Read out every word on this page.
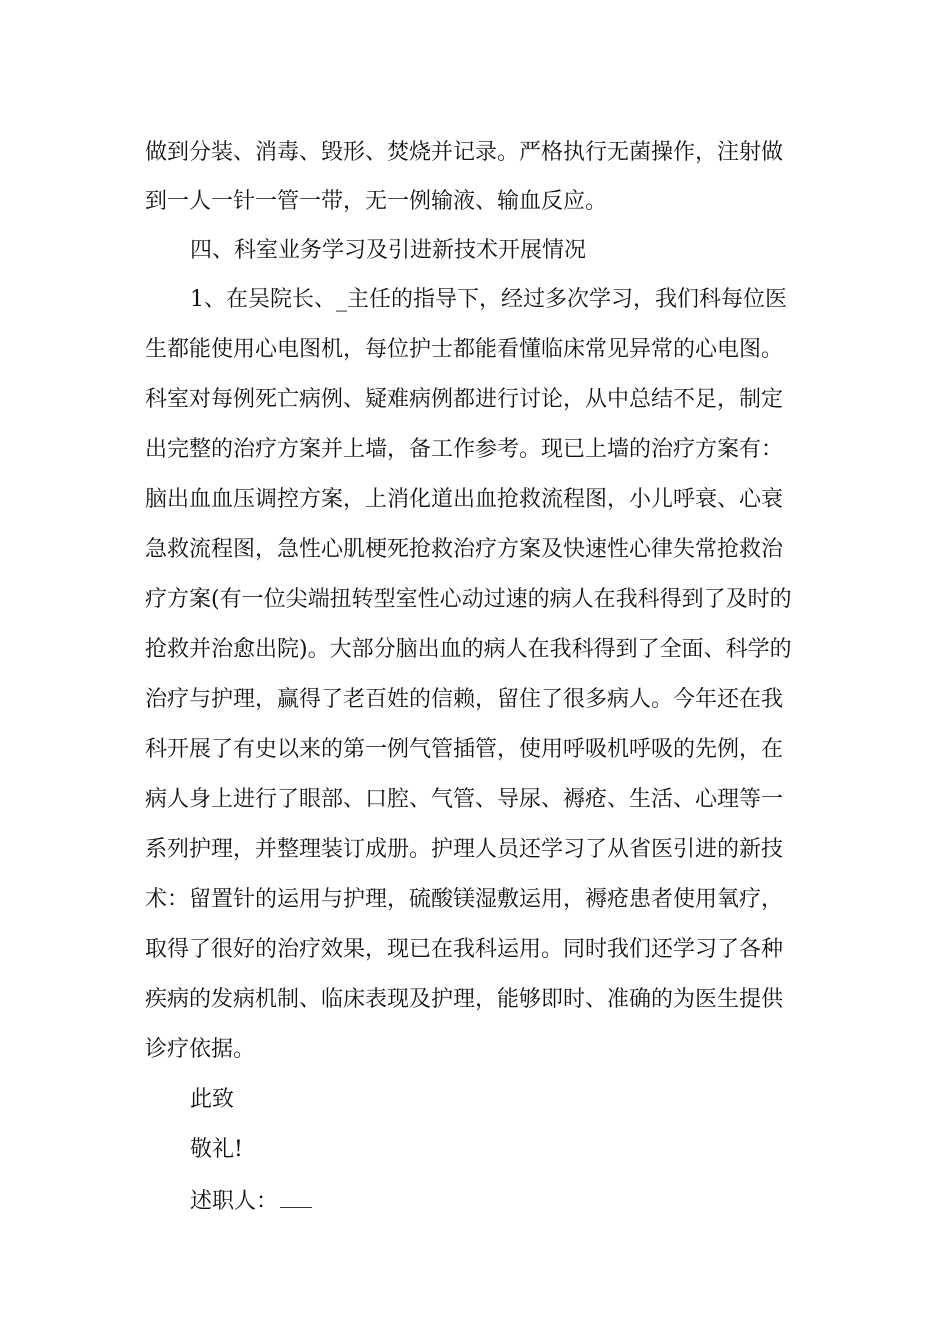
做到分装、消毒、毁形、焚烧并记录。严格执行无菌操作，注射做
到一人一针一管一带，无一例输液、输血反应。
四、科室业务学习及引进新技术开展情况
1、在吴院长、_主任的指导下，经过多次学习，我们科每位医
生都能使用心电图机，每位护士都能看懂临床常见异常的心电图。
科室对每例死亡病例、疑难病例都进行讨论，从中总结不足，制定
出完整的治疗方案并上墙，备工作参考。现已上墙的治疗方案有：
脑出血血压调控方案，上消化道出血抢救流程图，小儿呼衰、心衰
急救流程图，急性心肌梗死抢救治疗方案及快速性心律失常抢救治
疗方案(有一位尖端扭转型室性心动过速的病人在我科得到了及时的
抢救并治愈出院)。大部分脑出血的病人在我科得到了全面、科学的
治疗与护理，赢得了老百姓的信赖，留住了很多病人。今年还在我
科开展了有史以来的第一例气管插管，使用呼吸机呼吸的先例，在
病人身上进行了眼部、口腔、气管、导尿、褥疮、生活、心理等一
系列护理，并整理装订成册。护理人员还学习了从省医引进的新技
术：留置针的运用与护理，硫酸镁湿敷运用，褥疮患者使用氧疗，
取得了很好的治疗效果，现已在我科运用。同时我们还学习了各种
疾病的发病机制、临床表现及护理，能够即时、准确的为医生提供
诊疗依据。
此致
敬礼!
述职人：
